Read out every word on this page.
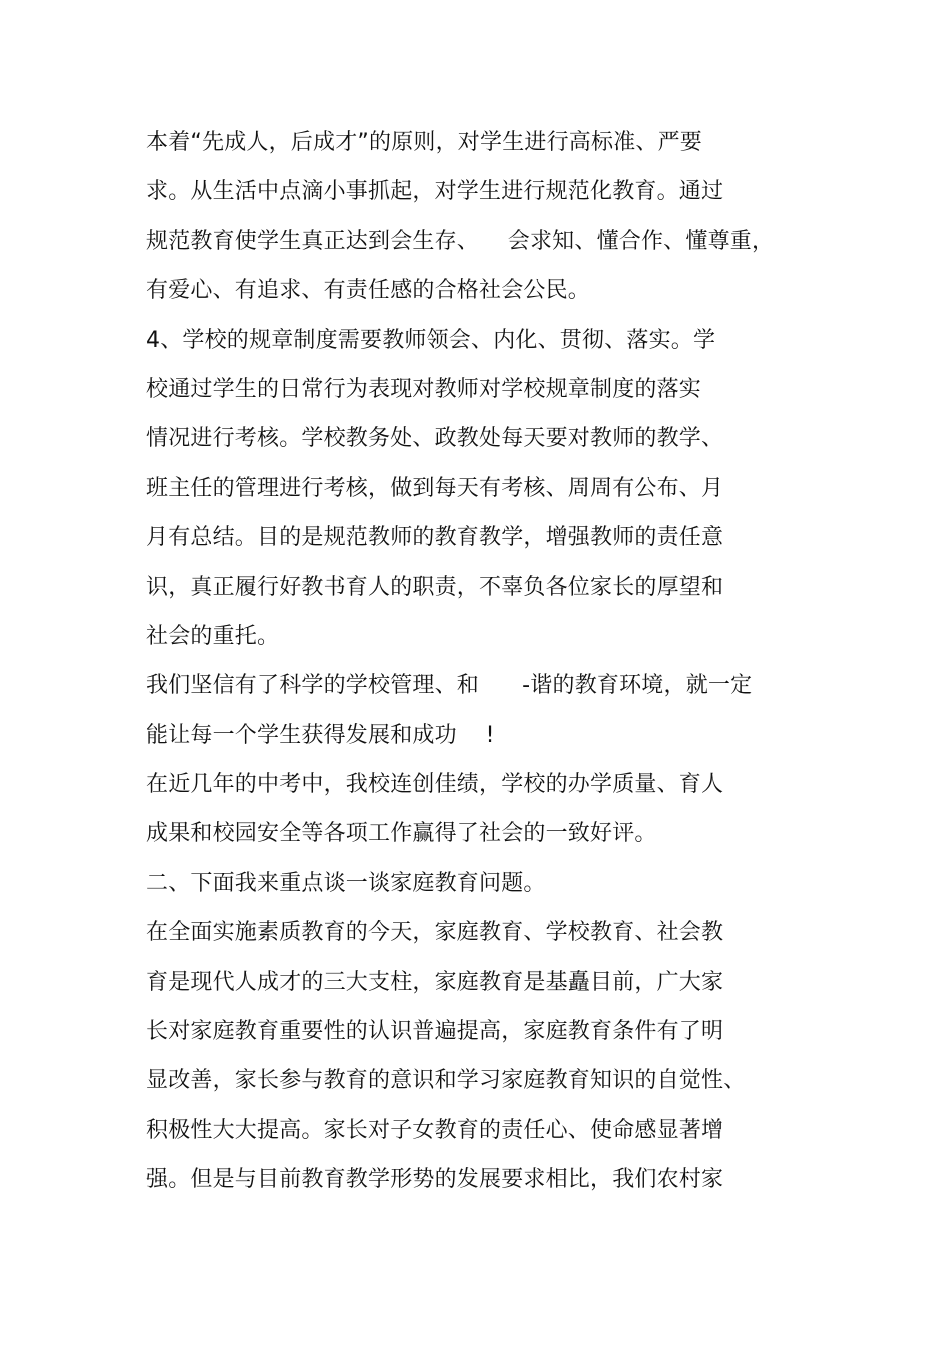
本着“先成人，后成才”的原则，对学生进行高标准、严要
求。从生活中点滴小事抓起，对学生进行规范化教育。通过
规范教育使学生真正达到会生存、    会求知、懂合作、懂尊重，
有爱心、有追求、有责任感的合格社会公民。
4、学校的规章制度需要教师领会、内化、贯彻、落实。学
校通过学生的日常行为表现对教师对学校规章制度的落实
情况进行考核。学校教务处、政教处每天要对教师的教学、
班主任的管理进行考核，做到每天有考核、周周有公布、月
月有总结。目的是规范教师的教育教学，增强教师的责任意
识，真正履行好教书育人的职责，不辜负各位家长的厚望和
社会的重托。
我们坚信有了科学的学校管理、和      -谐的教育环境，就一定
能让每一个学生获得发展和成功    !
在近几年的中考中，我校连创佳绩，学校的办学质量、育人
成果和校园安全等各项工作赢得了社会的一致好评。
二、下面我来重点谈一谈家庭教育问题。
在全面实施素质教育的今天，家庭教育、学校教育、社会教
育是现代人成才的三大支柱，家庭教育是基矗目前，广大家
长对家庭教育重要性的认识普遍提高，家庭教育条件有了明
显改善，家长参与教育的意识和学习家庭教育知识的自觉性、
积极性大大提高。家长对子女教育的责任心、使命感显著增
强。但是与目前教育教学形势的发展要求相比，我们农村家
